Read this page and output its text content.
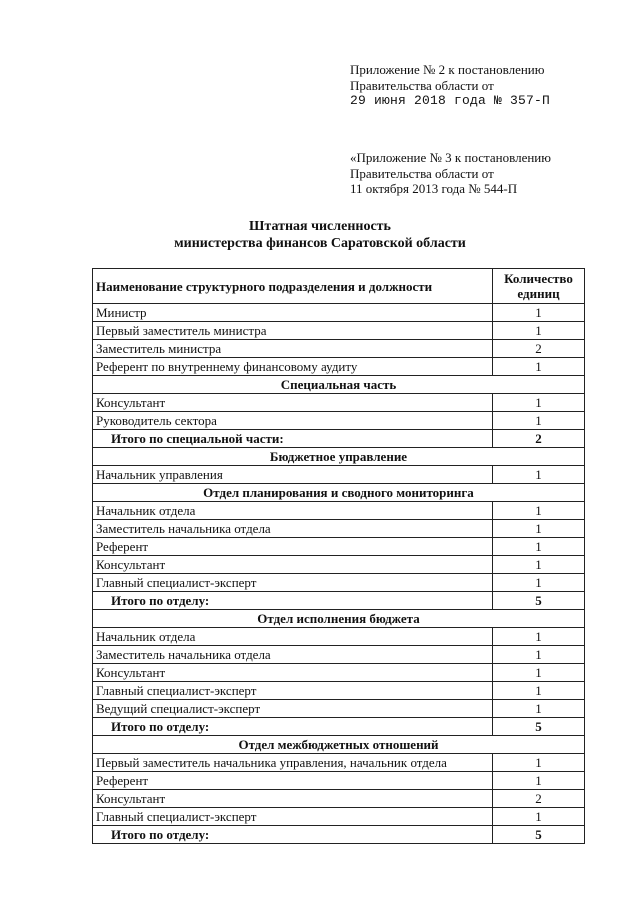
Приложение № 2 к постановлению
Правительства области от
29 июня 2018 года № 357-П
«Приложение № 3 к постановлению
Правительства области от
11 октября 2013 года № 544-П
Штатная численность
министерства финансов Саратовской области
Наименование структурного подразделения и должности	Количество единиц
Министр	1
Первый заместитель министра	1
Заместитель министра	2
Референт по внутреннему финансовому аудиту	1
Специальная часть	
Консультант	1
Руководитель сектора	1
Итого по специальной части:	2
Бюджетное управление	
Начальник управления	1
Отдел планирования и сводного мониторинга	
Начальник отдела	1
Заместитель начальника отдела	1
Референт	1
Консультант	1
Главный специалист-эксперт	1
Итого по отделу:	5
Отдел исполнения бюджета	
Начальник отдела	1
Заместитель начальника отдела	1
Консультант	1
Главный специалист-эксперт	1
Ведущий специалист-эксперт	1
Итого по отделу:	5
Отдел межбюджетных отношений	
Первый заместитель начальника управления, начальник отдела	1
Референт	1
Консультант	2
Главный специалист-эксперт	1
Итого по отделу:	5
